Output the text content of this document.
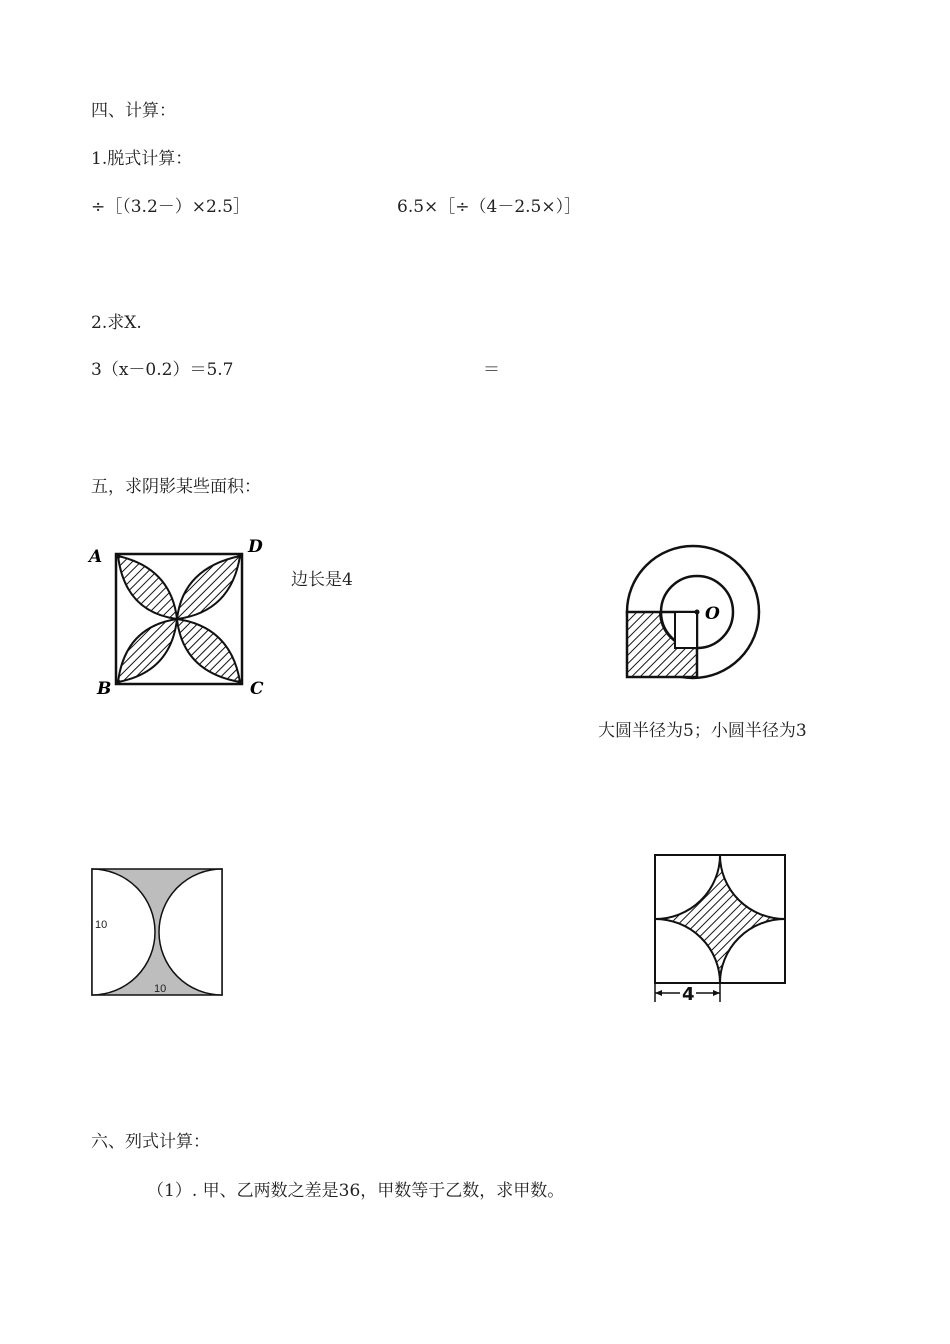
四、计算：
1.脱式计算：
÷［（3.2－）×2.5］	6.5×［÷（4－2.5×）］
2.求X.
3（x－0.2）＝5.7	＝
五，求阴影某些面积：
A	D
B	C
边长是4
O
大圆半径为5；小圆半径为3
10
10	4
六、列式计算：
（1）. 甲、乙两数之差是36，甲数等于乙数，求甲数。
